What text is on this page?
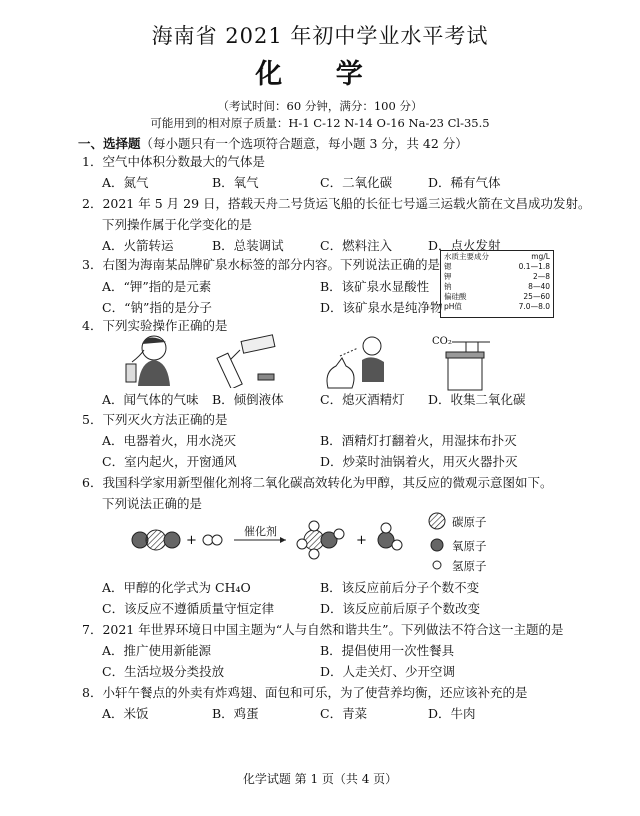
海南省 2021 年初中学业水平考试
化 学
（考试时间：60 分钟，满分：100 分）
可能用到的相对原子质量：H-1 C-12 N-14 O-16 Na-23 Cl-35.5
一、选择题（每小题只有一个选项符合题意，每小题 3 分，共 42 分）
1．空气中体积分数最大的气体是
A．氮气	B．氧气	C．二氧化碳	D．稀有气体
2．2021 年 5 月 29 日，搭载天舟二号货运飞船的长征七号遥三运载火箭在文昌成功发射。
下列操作属于化学变化的是
A．火箭转运	B．总装调试	C．燃料注入	D．点火发射
3．右图为海南某品牌矿泉水标签的部分内容。下列说法正确的是
A．“钾”指的是元素	B．该矿泉水显酸性
C．“钠”指的是分子	D．该矿泉水是纯净物
水质主要成分	mg/L
锶	0.1—1.8
钾	2—8
钠	8—40
偏硅酸	25—60
pH值	7.0—8.0
4．下列实验操作正确的是
CO₂
A．闻气体的气味 B．倾倒液体	C．熄灭酒精灯 D．收集二氧化碳
5．下列灭火方法正确的是
A．电器着火，用水浇灭	B．酒精灯打翻着火，用湿抹布扑灭
C．室内起火，开窗通风	D．炒菜时油锅着火，用灭火器扑灭
6．我国科学家用新型催化剂将二氧化碳高效转化为甲醇，其反应的微观示意图如下。
下列说法正确的是
+	+
催化剂
碳原子
氧原子
氢原子
A．甲醇的化学式为 CH₄O	B．该反应前后分子个数不变
C．该反应不遵循质量守恒定律	D．该反应前后原子个数改变
7．2021 年世界环境日中国主题为“人与自然和谐共生”。下列做法不符合这一主题的是
A．推广使用新能源	B．提倡使用一次性餐具
C．生活垃圾分类投放	D．人走关灯、少开空调
8．小轩午餐点的外卖有炸鸡翅、面包和可乐，为了使营养均衡，还应该补充的是
A．米饭	B．鸡蛋	C．青菜	D．牛肉
化学试题 第 1 页（共 4 页）
